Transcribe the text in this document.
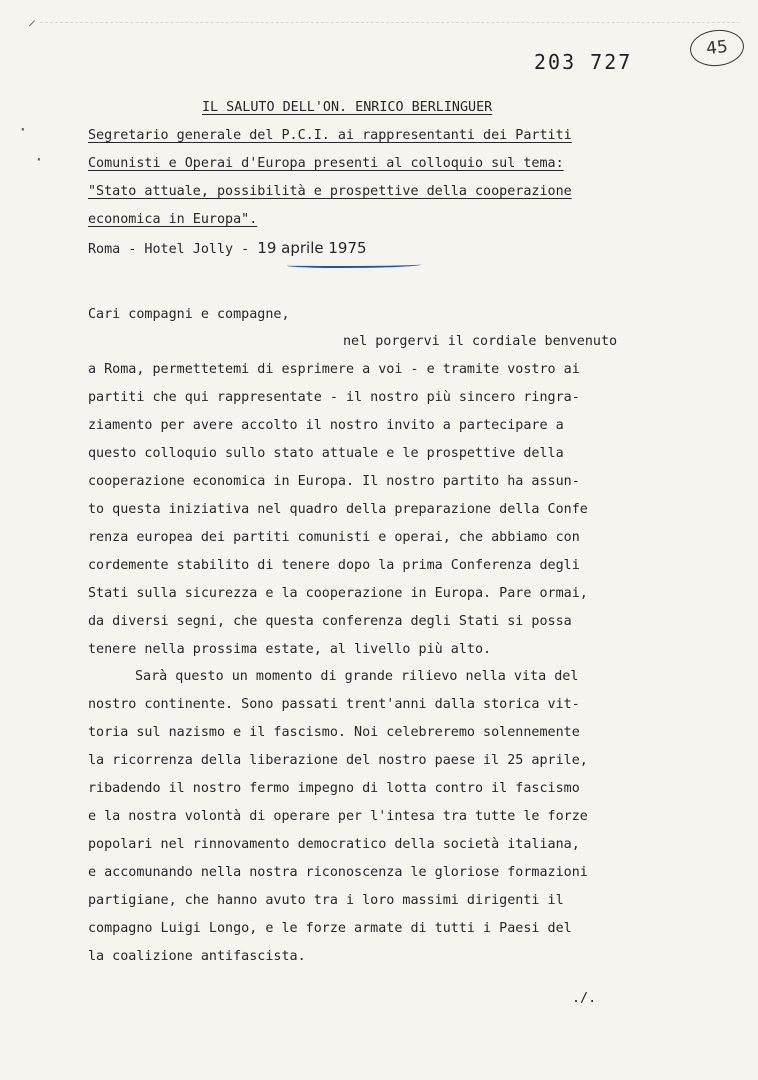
⸝
·
·
203 727
45
IL SALUTO DELL'ON. ENRICO BERLINGUER
Segretario generale del P.C.I. ai rappresentanti dei Partiti
Comunisti e Operai d'Europa presenti al colloquio sul tema:
"Stato attuale, possibilità e prospettive della cooperazione
economica in Europa".
Roma - Hotel Jolly - 19 aprile 1975
Cari compagni e compagne,
nel porgervi il cordiale benvenuto
a Roma, permettetemi di esprimere a voi - e tramite vostro ai
partiti che qui rappresentate - il nostro più sincero ringra-
ziamento per avere accolto il nostro invito a partecipare a
questo colloquio sullo stato attuale e le prospettive della
cooperazione economica in Europa. Il nostro partito ha assun-
to questa iniziativa nel quadro della preparazione della Confe
renza europea dei partiti comunisti e operai, che abbiamo con
cordemente stabilito di tenere dopo la prima Conferenza degli
Stati sulla sicurezza e la cooperazione in Europa. Pare ormai,
da diversi segni, che questa conferenza degli Stati si possa
tenere nella prossima estate, al livello più alto.
Sarà questo un momento di grande rilievo nella vita del
nostro continente. Sono passati trent'anni dalla storica vit-
toria sul nazismo e il fascismo. Noi celebreremo solennemente
la ricorrenza della liberazione del nostro paese il 25 aprile,
ribadendo il nostro fermo impegno di lotta contro il fascismo
e la nostra volontà di operare per l'intesa tra tutte le forze
popolari nel rinnovamento democratico della società italiana,
e accomunando nella nostra riconoscenza le gloriose formazioni
partigiane, che hanno avuto tra i loro massimi dirigenti il
compagno Luigi Longo, e le forze armate di tutti i Paesi del
la coalizione antifascista.
./.
